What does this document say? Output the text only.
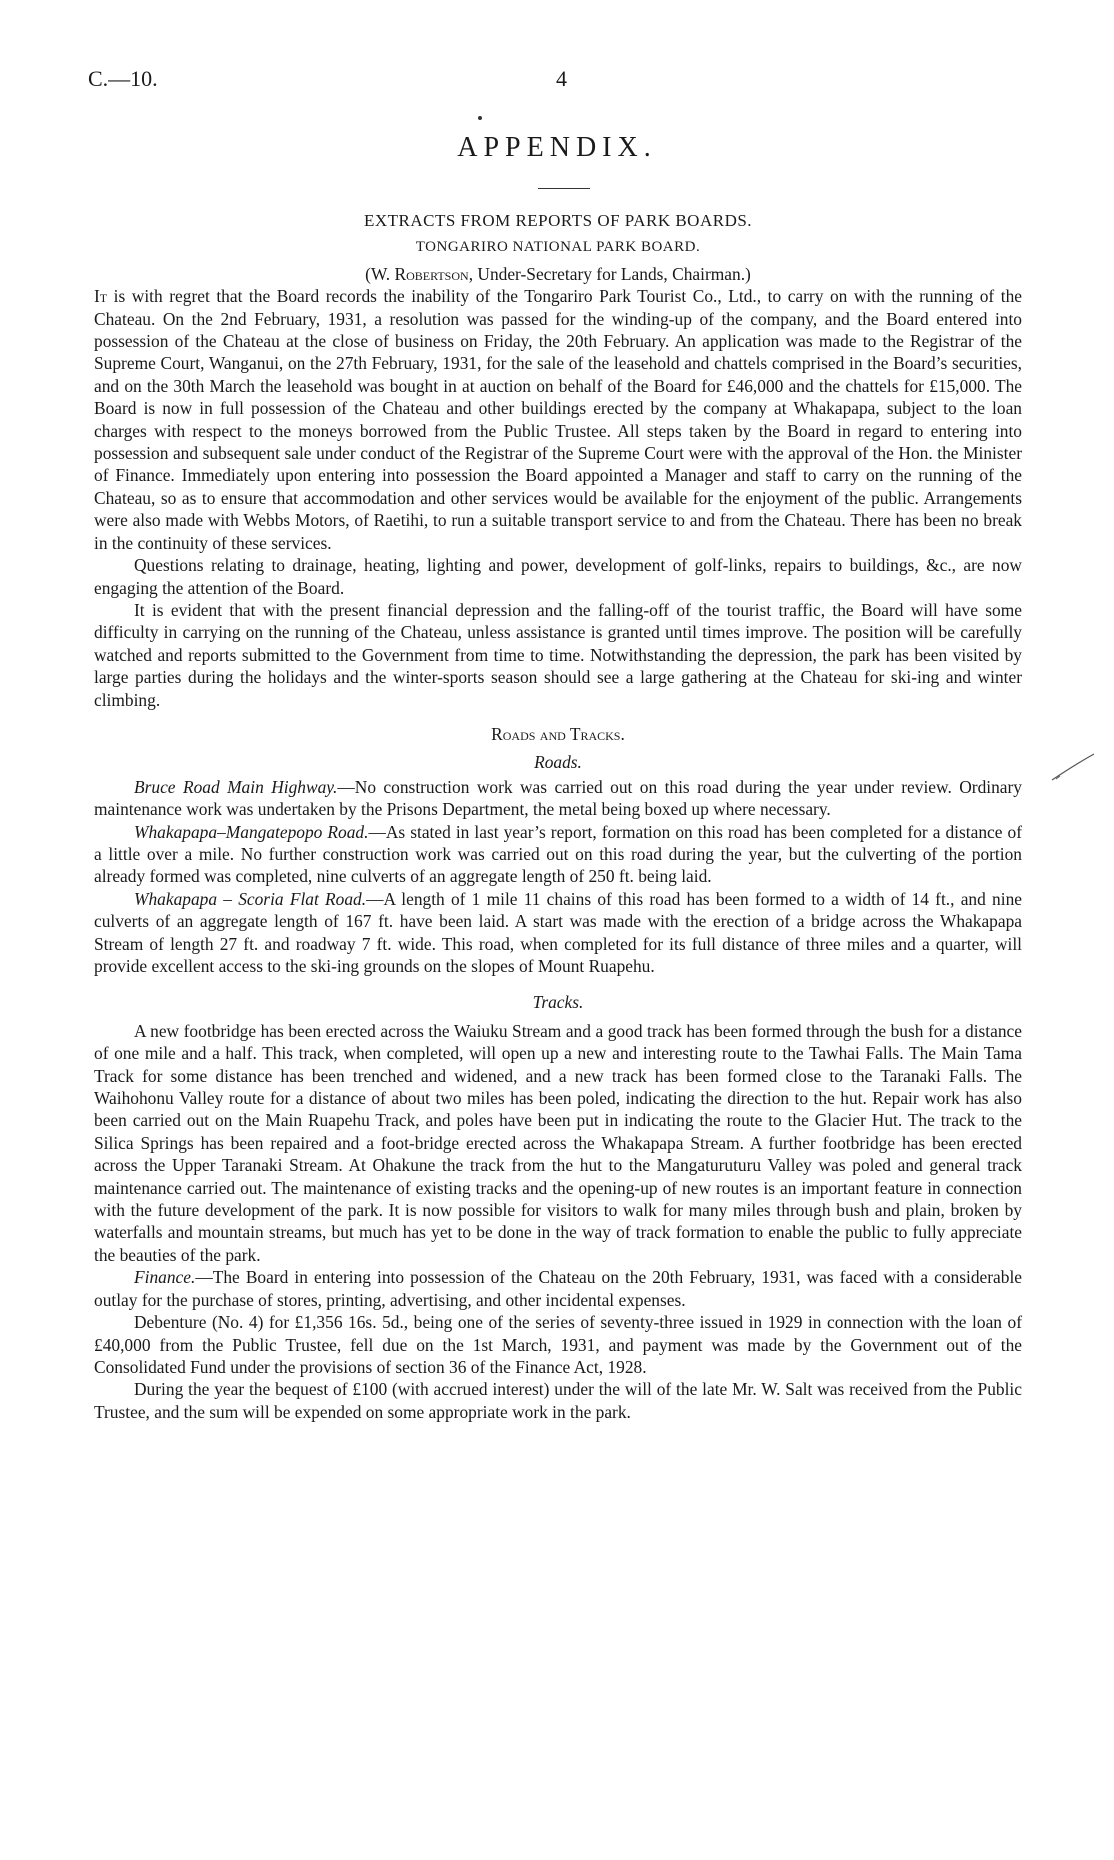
C.—10.	4
APPENDIX.
EXTRACTS FROM REPORTS OF PARK BOARDS.
TONGARIRO NATIONAL PARK BOARD.
(W. Robertson, Under-Secretary for Lands, Chairman.)

It is with regret that the Board records the inability of the Tongariro Park Tourist Co., Ltd., to carry on with the running of the Chateau. On the 2nd February, 1931, a resolution was passed for the winding-up of the company, and the Board entered into possession of the Chateau at the close of business on Friday, the 20th February. An application was made to the Registrar of the Supreme Court, Wanganui, on the 27th February, 1931, for the sale of the leasehold and chattels comprised in the Board’s securities, and on the 30th March the leasehold was bought in at auction on behalf of the Board for £46,000 and the chattels for £15,000. The Board is now in full possession of the Chateau and other buildings erected by the company at Whakapapa, subject to the loan charges with respect to the moneys borrowed from the Public Trustee. All steps taken by the Board in regard to entering into possession and subsequent sale under conduct of the Registrar of the Supreme Court were with the approval of the Hon. the Minister of Finance. Immediately upon entering into possession the Board appointed a Manager and staff to carry on the running of the Chateau, so as to ensure that accommodation and other services would be available for the enjoyment of the public. Arrangements were also made with Webbs Motors, of Raetihi, to run a suitable transport service to and from the Chateau. There has been no break in the continuity of these services.

Questions relating to drainage, heating, lighting and power, development of golf-links, repairs to buildings, &c., are now engaging the attention of the Board.

It is evident that with the present financial depression and the falling-off of the tourist traffic, the Board will have some difficulty in carrying on the running of the Chateau, unless assistance is granted until times improve. The position will be carefully watched and reports submitted to the Government from time to time. Notwithstanding the depression, the park has been visited by large parties during the holidays and the winter-sports season should see a large gathering at the Chateau for ski-ing and winter climbing.

Roads and Tracks.
Roads.

Bruce Road Main Highway.—No construction work was carried out on this road during the year under review. Ordinary maintenance work was undertaken by the Prisons Department, the metal being boxed up where necessary.

Whakapapa–Mangatepopo Road.—As stated in last year’s report, formation on this road has been completed for a distance of a little over a mile. No further construction work was carried out on this road during the year, but the culverting of the portion already formed was completed, nine culverts of an aggregate length of 250 ft. being laid.

Whakapapa – Scoria Flat Road.—A length of 1 mile 11 chains of this road has been formed to a width of 14 ft., and nine culverts of an aggregate length of 167 ft. have been laid. A start was made with the erection of a bridge across the Whakapapa Stream of length 27 ft. and roadway 7 ft. wide. This road, when completed for its full distance of three miles and a quarter, will provide excellent access to the ski-ing grounds on the slopes of Mount Ruapehu.

Tracks.

A new footbridge has been erected across the Waiuku Stream and a good track has been formed through the bush for a distance of one mile and a half. This track, when completed, will open up a new and interesting route to the Tawhai Falls. The Main Tama Track for some distance has been trenched and widened, and a new track has been formed close to the Taranaki Falls. The Waihohonu Valley route for a distance of about two miles has been poled, indicating the direction to the hut. Repair work has also been carried out on the Main Ruapehu Track, and poles have been put in indicating the route to the Glacier Hut. The track to the Silica Springs has been repaired and a foot-bridge erected across the Whakapapa Stream. A further footbridge has been erected across the Upper Taranaki Stream. At Ohakune the track from the hut to the Mangaturuturu Valley was poled and general track maintenance carried out. The maintenance of existing tracks and the opening-up of new routes is an important feature in connection with the future development of the park. It is now possible for visitors to walk for many miles through bush and plain, broken by waterfalls and mountain streams, but much has yet to be done in the way of track formation to enable the public to fully appreciate the beauties of the park.

Finance.—The Board in entering into possession of the Chateau on the 20th February, 1931, was faced with a considerable outlay for the purchase of stores, printing, advertising, and other incidental expenses.

Debenture (No. 4) for £1,356 16s. 5d., being one of the series of seventy-three issued in 1929 in connection with the loan of £40,000 from the Public Trustee, fell due on the 1st March, 1931, and payment was made by the Government out of the Consolidated Fund under the provisions of section 36 of the Finance Act, 1928.

During the year the bequest of £100 (with accrued interest) under the will of the late Mr. W. Salt was received from the Public Trustee, and the sum will be expended on some appropriate work in the park.
